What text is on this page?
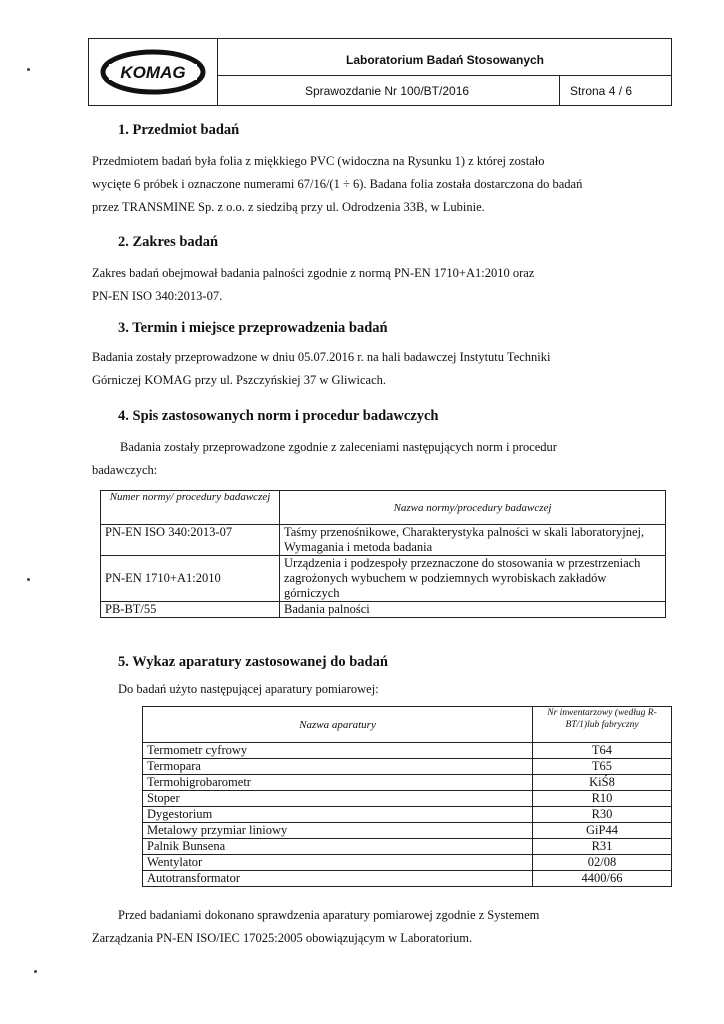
KOMAG
Laboratorium Badań Stosowanych
Sprawozdanie Nr 100/BT/2016	Strona 4 / 6
1. Przedmiot badań
Przedmiotem badań była folia z miękkiego PVC (widoczna na Rysunku 1) z której zostało
wycięte 6 próbek i oznaczone numerami 67/16/(1 ÷ 6). Badana folia została dostarczona do badań
przez TRANSMINE Sp. z o.o. z siedzibą przy ul. Odrodzenia 33B, w Lubinie.
2. Zakres badań
Zakres badań obejmował badania palności zgodnie z normą PN-EN 1710+A1:2010 oraz
PN-EN ISO 340:2013-07.
3. Termin i miejsce przeprowadzenia badań
Badania zostały przeprowadzone w dniu 05.07.2016 r. na hali badawczej Instytutu Techniki
Górniczej KOMAG przy ul. Pszczyńskiej 37 w Gliwicach.
4. Spis zastosowanych norm i procedur badawczych
Badania zostały przeprowadzone zgodnie z zaleceniami następujących norm i procedur
badawczych:
Numer normy/ procedury badawczej	Nazwa normy/procedury badawczej
PN-EN ISO 340:2013-07	Taśmy przenośnikowe, Charakterystyka palności w skali laboratoryjnej, Wymagania i metoda badania
PN-EN 1710+A1:2010	Urządzenia i podzespoły przeznaczone do stosowania w przestrzeniach zagrożonych wybuchem w podziemnych wyrobiskach zakładów górniczych
PB-BT/55	Badania palności
5. Wykaz aparatury zastosowanej do badań
Do badań użyto następującej aparatury pomiarowej:
Nazwa aparatury	Nr inwentarzowy (według R-BT/1)lub fabryczny
Termometr cyfrowy	T64
Termopara	T65
Termohigrobarometr	KiŚ8
Stoper	R10
Dygestorium	R30
Metalowy przymiar liniowy	GiP44
Palnik Bunsena	R31
Wentylator	02/08
Autotransformator	4400/66
Przed badaniami dokonano sprawdzenia aparatury pomiarowej zgodnie z Systemem
Zarządzania PN-EN ISO/IEC 17025:2005 obowiązującym w Laboratorium.
